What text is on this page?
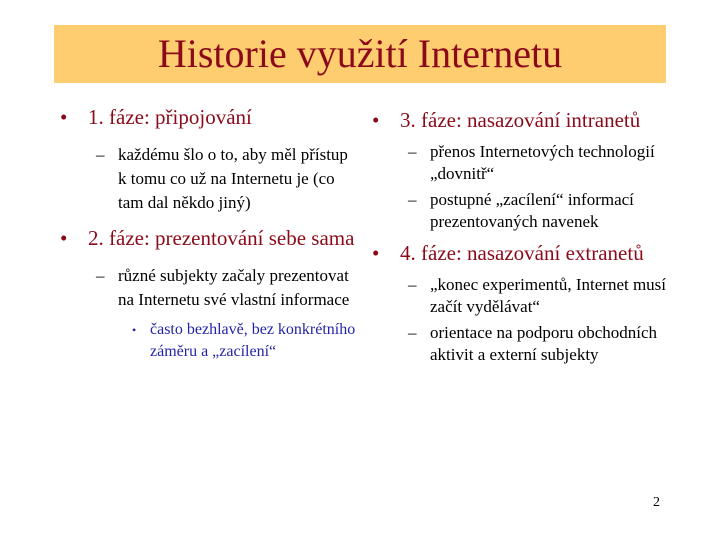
Historie využití Internetu
• 1. fáze: připojování
– každému šlo o to, aby měl přístup k tomu co už na Internetu je (co tam dal někdo jiný)
• 2. fáze: prezentování sebe sama
– různé subjekty začaly prezentovat na Internetu své vlastní informace
• často bezhlavě, bez konkrétního záměru a „zacílení“
• 3. fáze: nasazování intranetů
– přenos Internetových technologií „dovnitř“
– postupné „zacílení“ informací prezentovaných navenek
• 4. fáze: nasazování extranetů
– „konec experimentů, Internet musí začít vydělávat“
– orientace na podporu obchodních aktivit a externí subjekty
2
